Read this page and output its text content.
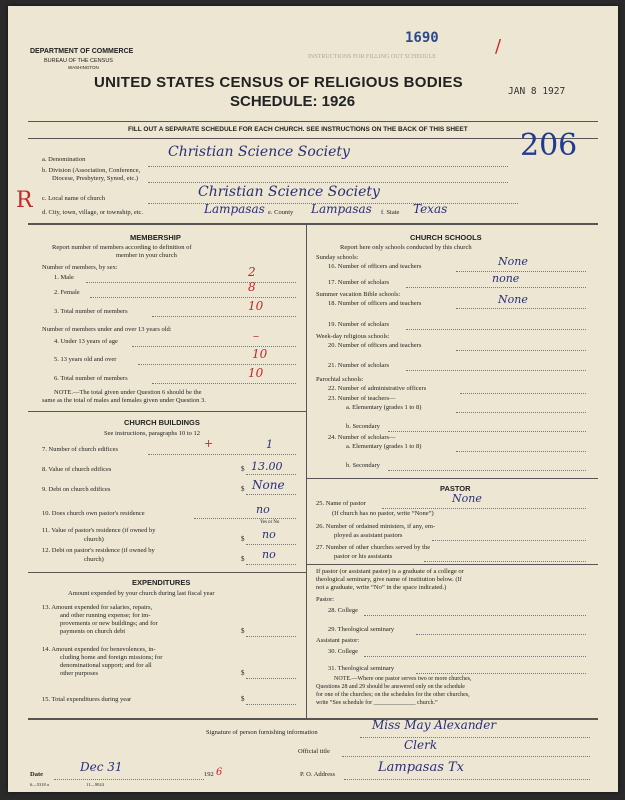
DEPARTMENT OF COMMERCE
BUREAU OF THE CENSUS
WASHINGTON
INSTRUCTIONS FOR FILLING OUT SCHEDULE
1690	/
UNITED STATES CENSUS OF RELIGIOUS BODIES
SCHEDULE: 1926
JAN 8 1927
FILL OUT A SEPARATE SCHEDULE FOR EACH CHURCH. SEE INSTRUCTIONS ON THE BACK OF THIS SHEET 206
R
a. Denomination	Christian Science Society
b. Division (Association, Conference,
Diocese, Presbytery, Synod, etc.)
c. Local name of church	Christian Science Society
d. City, town, village, or township, etc.	Lampasas e. County Lampasas f. State Texas
MEMBERSHIP
Report number of members according to definition of
member in your church
Number of members, by sex:
1. Male	2
2. Female	8
3. Total number of members	10
Number of members under and over 13 years old:
4. Under 13 years of age	–
5. 13 years old and over	10
6. Total number of members	10
NOTE.—The total given under Question 6 should be the
same as the total of males and females given under Question 3.
CHURCH BUILDINGS
See instructions, paragraphs 10 to 12
7. Number of church edifices	+	1
8. Value of church edifices	$ 13.00
9. Debt on church edifices	$ None
10. Does church own pastor's residence	no
Yes or No
11. Value of pastor's residence (if owned by
church)	$ no
12. Debt on pastor's residence (if owned by
church)	$ no
EXPENDITURES
Amount expended by your church during last fiscal year
13. Amount expended for salaries, repairs,
and other running expense; for im-
provements or new buildings; and for
payments on church debt	$
14. Amount expended for benevolences, in-
cluding home and foreign missions; for
denominational support; and for all
other purposes	$
15. Total expenditures during year	$
CHURCH SCHOOLS
Report here only schools conducted by this church
Sunday schools:
16. Number of officers and teachers	None
17. Number of scholars	none
Summer vacation Bible schools:
18. Number of officers and teachers	None
19. Number of scholars
Week-day religious schools:
20. Number of officers and teachers
21. Number of scholars
Parochial schools:
22. Number of administrative officers
23. Number of teachers—
a. Elementary (grades 1 to 8)
b. Secondary
24. Number of scholars—
a. Elementary (grades 1 to 8)
b. Secondary
PASTOR
25. Name of pastor	None
(If church has no pastor, write “None”)
26. Number of ordained ministers, if any, em-
ployed as assistant pastors
27. Number of other churches served by the
pastor or his assistants
If pastor (or assistant pastor) is a graduate of a college or
theological seminary, give name of institution below. (If
not a graduate, write “No” in the space indicated.)
Pastor:
28. College
29. Theological seminary
Assistant pastor:
30. College
31. Theological seminary
NOTE.—Where one pastor serves two or more churches,
Questions 28 and 29 should be answered only on the schedule
for one of the churches; on the schedules for the other churches,
write “See schedule for ______________ church.”
Signature of person furnishing information
Miss May Alexander
Official title	Clerk
Date
Dec 31
192 6
6—5318 a	11—9024
P. O. Address	Lampasas Tx
